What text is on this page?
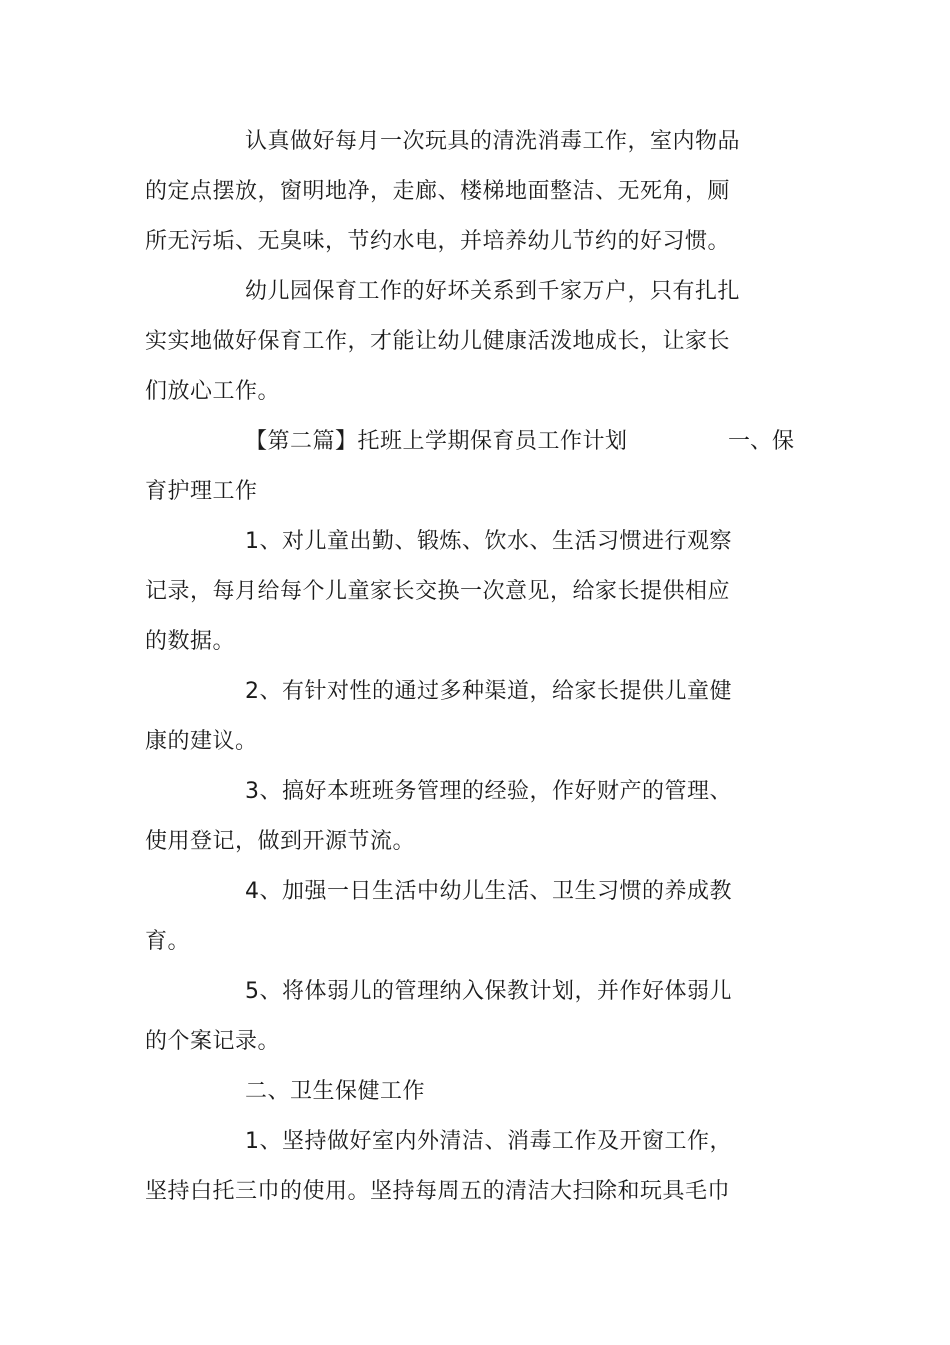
认真做好每月一次玩具的清洗消毒工作，室内物品
的定点摆放，窗明地净，走廊、楼梯地面整洁、无死角，厕
所无污垢、无臭味，节约水电，并培养幼儿节约的好习惯。
幼儿园保育工作的好坏关系到千家万户，只有扎扎
实实地做好保育工作，才能让幼儿健康活泼地成长，让家长
们放心工作。
【第二篇】托班上学期保育员工作计划	一、保
育护理工作
1、对儿童出勤、锻炼、饮水、生活习惯进行观察
记录，每月给每个儿童家长交换一次意见，给家长提供相应
的数据。
2、有针对性的通过多种渠道，给家长提供儿童健
康的建议。
3、搞好本班班务管理的经验，作好财产的管理、
使用登记，做到开源节流。
4、加强一日生活中幼儿生活、卫生习惯的养成教
育。
5、将体弱儿的管理纳入保教计划，并作好体弱儿
的个案记录。
二、卫生保健工作
1、坚持做好室内外清洁、消毒工作及开窗工作，
坚持白托三巾的使用。坚持每周五的清洁大扫除和玩具毛巾
